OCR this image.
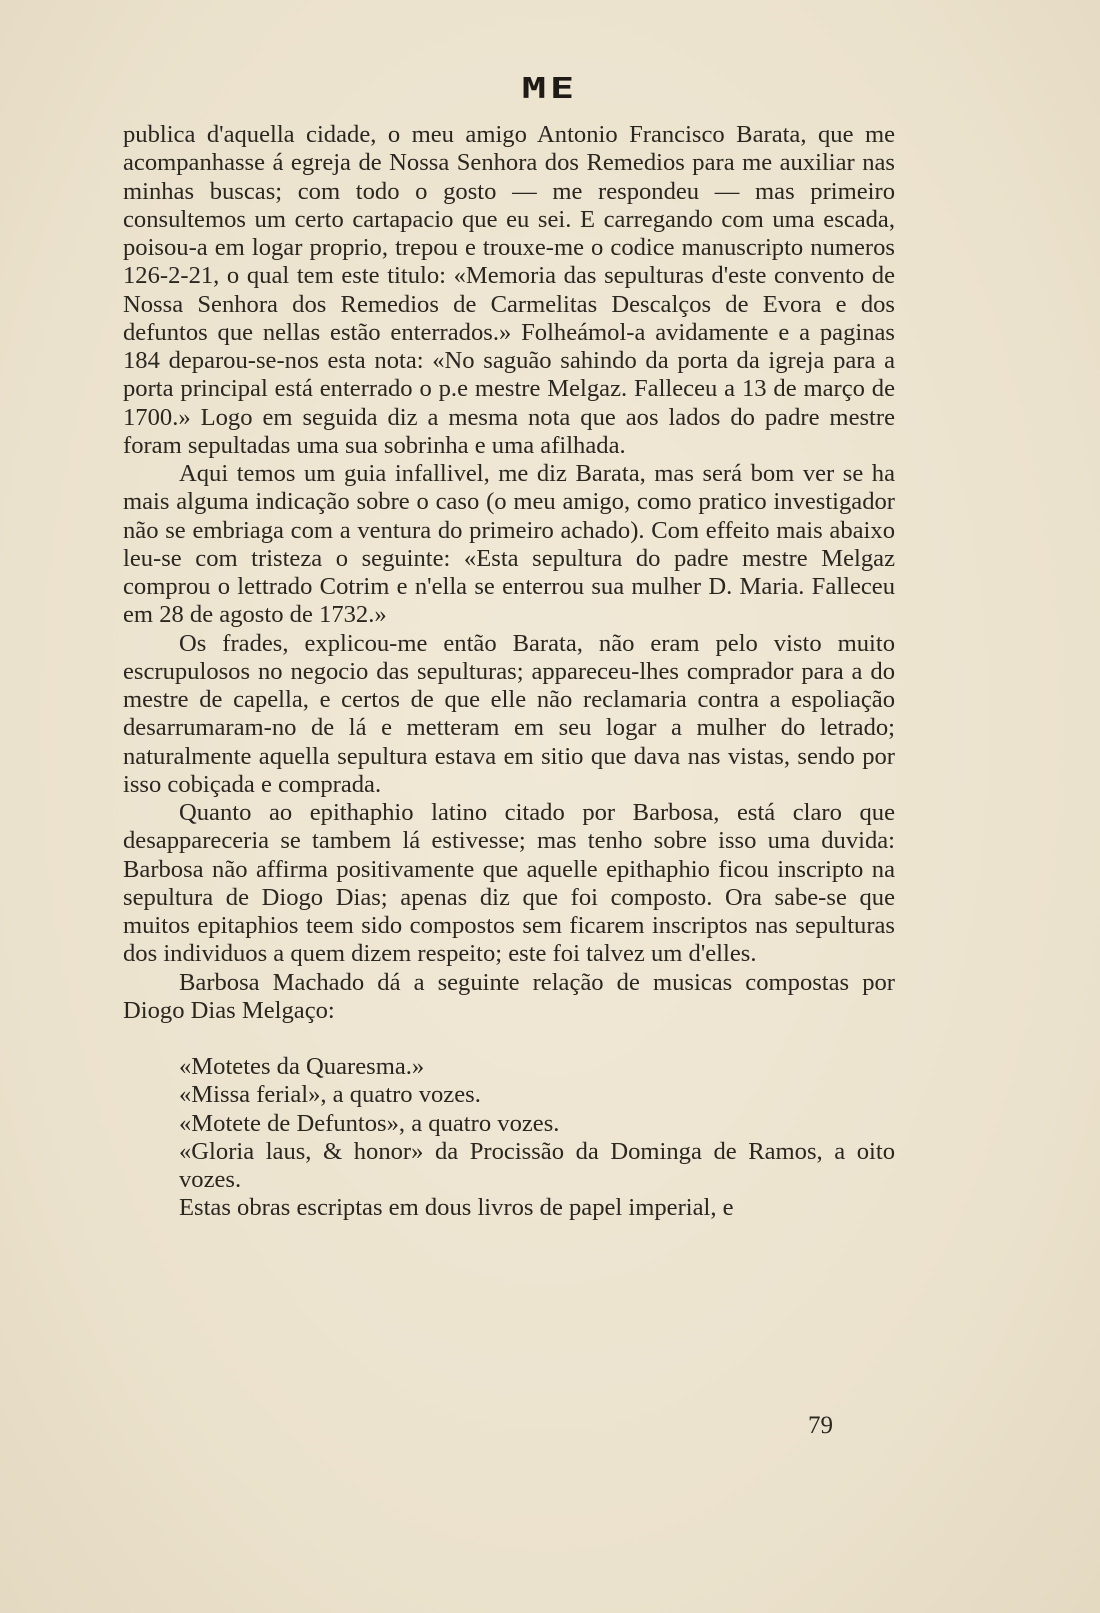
ME

publica d'aquella cidade, o meu amigo Antonio Francisco Barata, que me acompanhasse á egreja de Nossa Senhora dos Remedios para me auxiliar nas minhas buscas; com todo o gosto — me respondeu — mas primeiro consultemos um certo cartapacio que eu sei. E carregando com uma escada, poisou-a em logar proprio, trepou e trouxe-me o codice manuscripto numeros 126-2-21, o qual tem este titulo: «Memoria das sepulturas d'este convento de Nossa Senhora dos Remedios de Carmelitas Descalços de Evora e dos defuntos que nellas estão enterrados.» Folheámol-a avidamente e a paginas 184 deparou-se-nos esta nota: «No saguão sahindo da porta da igreja para a porta principal está enterrado o p.e mestre Melgaz. Falleceu a 13 de março de 1700.» Logo em seguida diz a mesma nota que aos lados do padre mestre foram sepultadas uma sua sobrinha e uma afilhada.

Aqui temos um guia infallivel, me diz Barata, mas será bom ver se ha mais alguma indicação sobre o caso (o meu amigo, como pratico investigador não se embriaga com a ventura do primeiro achado). Com effeito mais abaixo leu-se com tristeza o seguinte: «Esta sepultura do padre mestre Melgaz comprou o lettrado Cotrim e n'ella se enterrou sua mulher D. Maria. Falleceu em 28 de agosto de 1732.»

Os frades, explicou-me então Barata, não eram pelo visto muito escrupulosos no negocio das sepulturas; appareceu-lhes comprador para a do mestre de capella, e certos de que elle não reclamaria contra a espoliação desarrumaram-no de lá e metteram em seu logar a mulher do letrado; naturalmente aquella sepultura estava em sitio que dava nas vistas, sendo por isso cobiçada e comprada.

Quanto ao epithaphio latino citado por Barbosa, está claro que desappareceria se tambem lá estivesse; mas tenho sobre isso uma duvida: Barbosa não affirma positivamente que aquelle epithaphio ficou inscripto na sepultura de Diogo Dias; apenas diz que foi composto. Ora sabe-se que muitos epitaphios teem sido compostos sem ficarem inscriptos nas sepulturas dos individuos a quem dizem respeito; este foi talvez um d'elles.

Barbosa Machado dá a seguinte relação de musicas compostas por Diogo Dias Melgaço:

«Motetes da Quaresma.»
«Missa ferial», a quatro vozes.
«Motete de Defuntos», a quatro vozes.
«Gloria laus, & honor» da Procissão da Dominga de Ramos, a oito vozes.

Estas obras escriptas em dous livros de papel imperial, e

79
